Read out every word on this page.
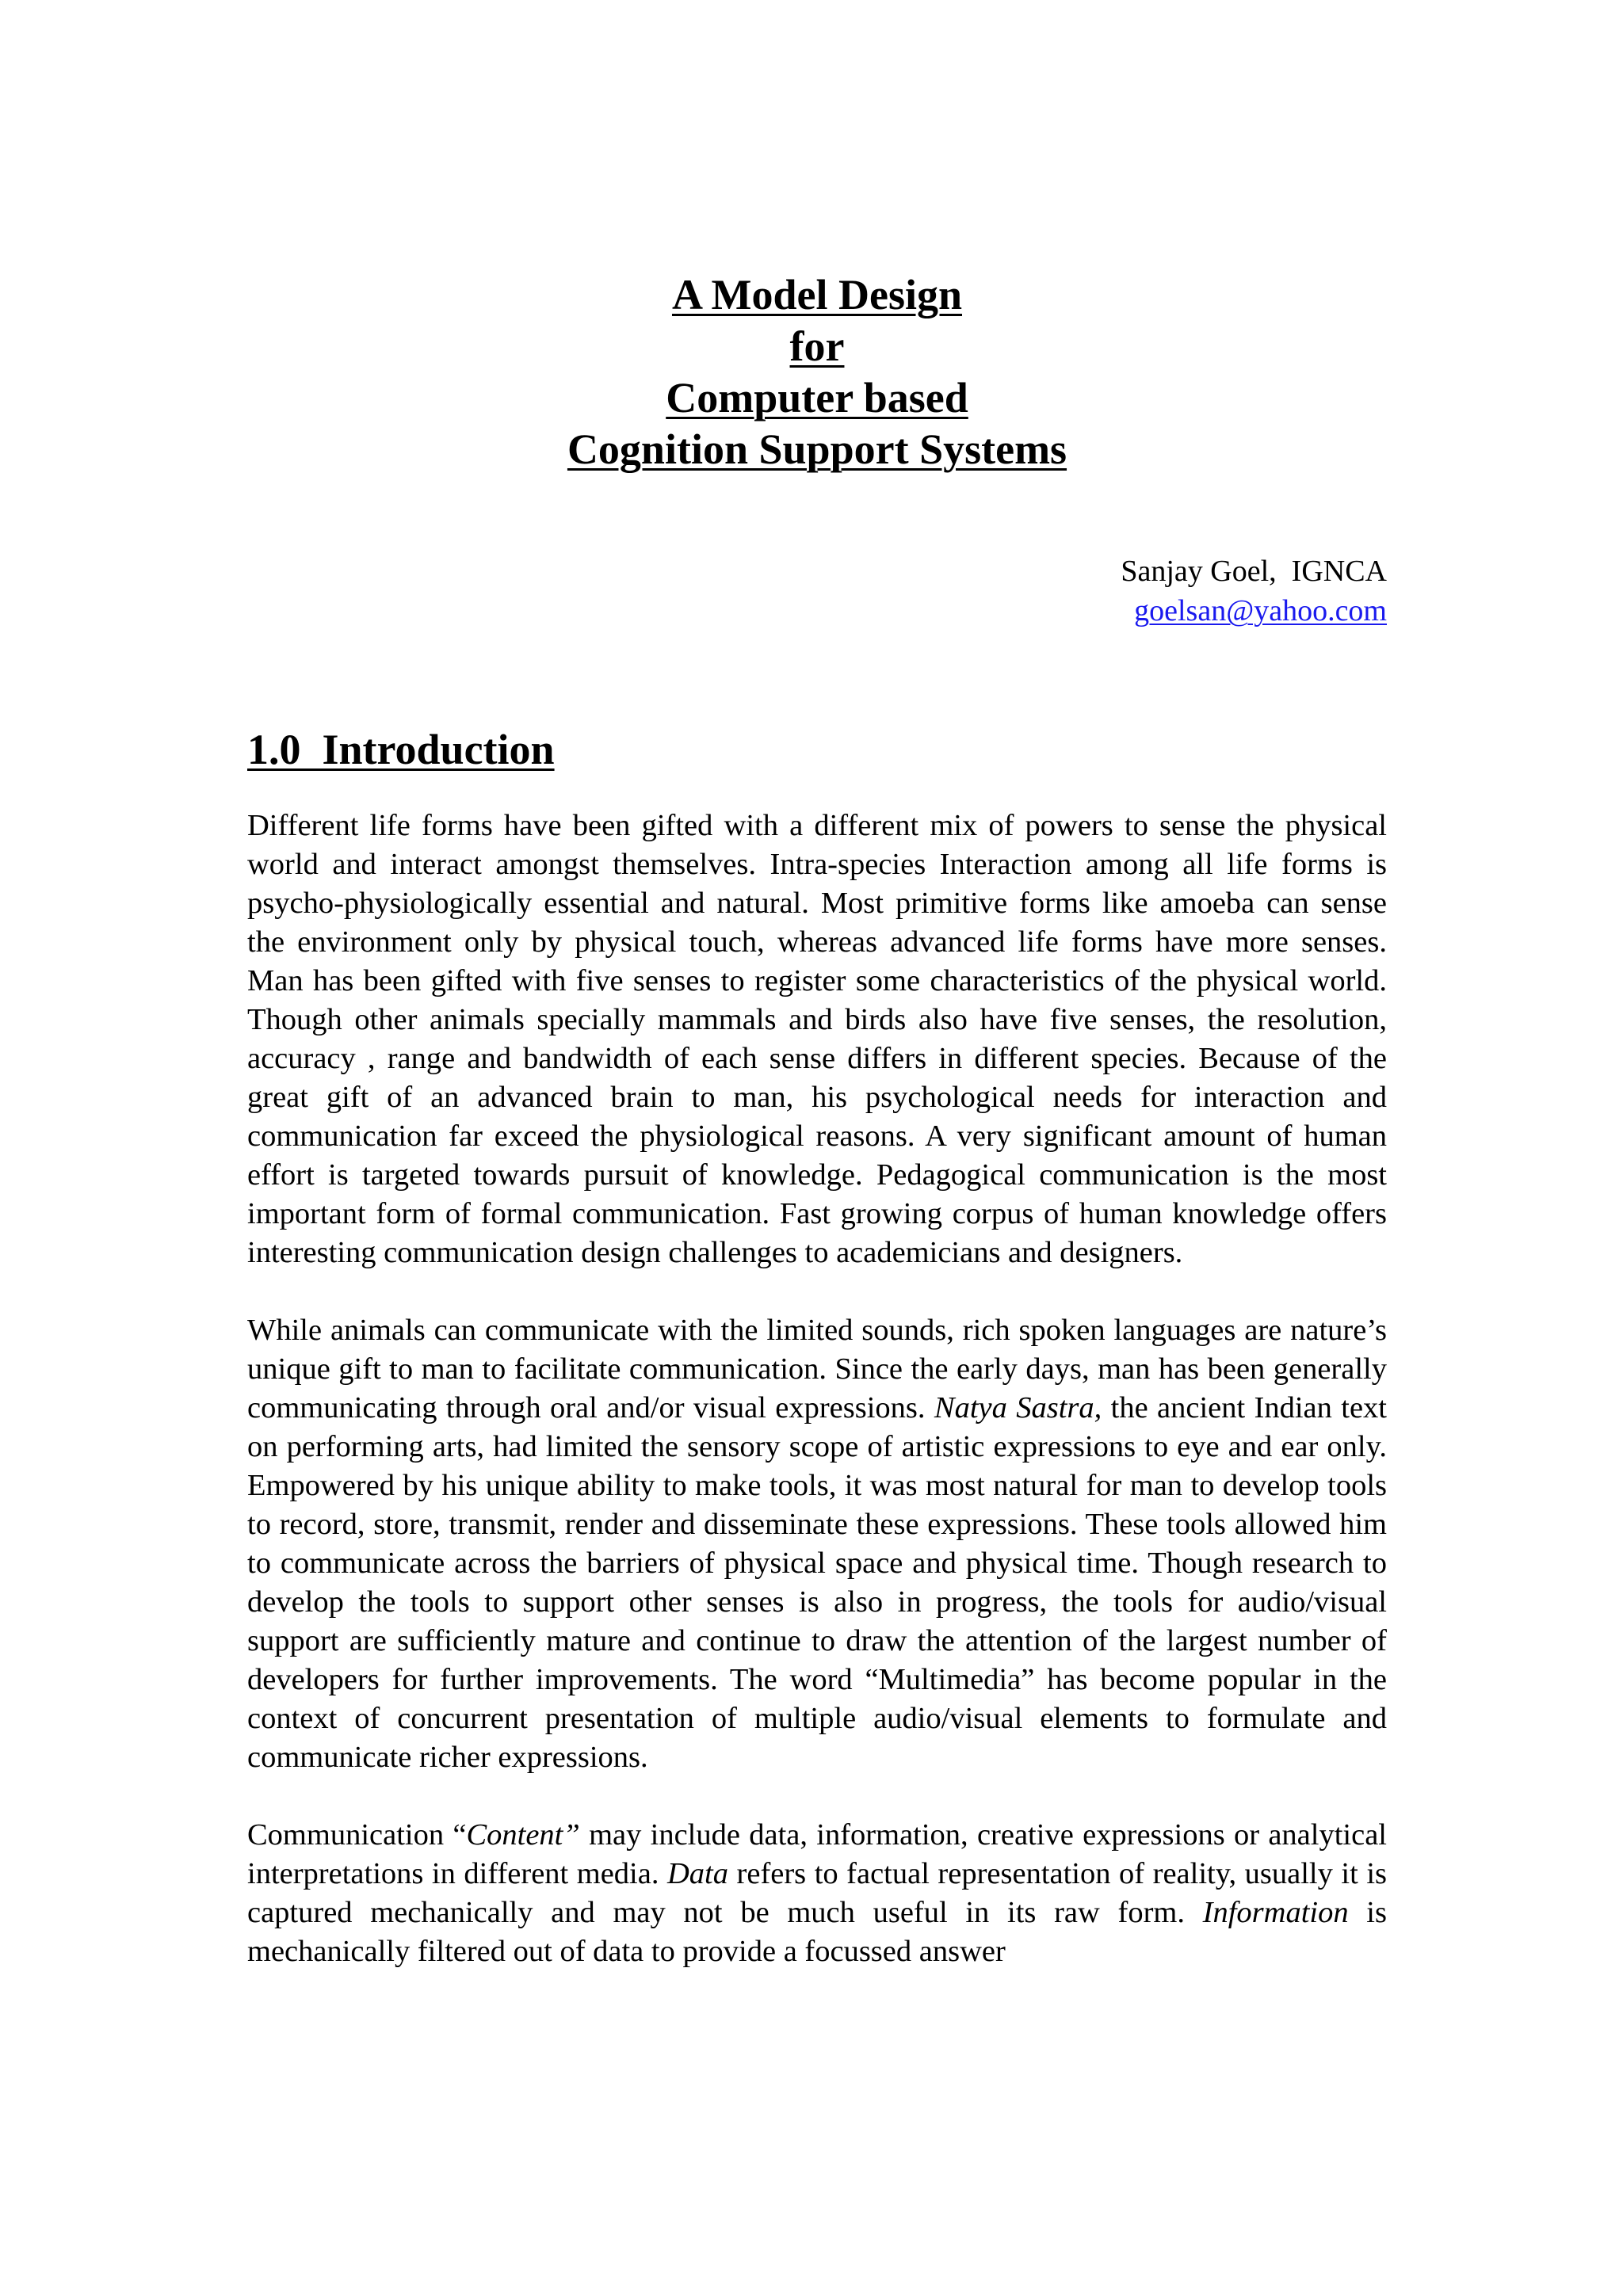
A Model Design
for
Computer based
Cognition Support Systems
Sanjay Goel,  IGNCA
goelsan@yahoo.com
1.0  Introduction

Different life forms have been gifted with a different mix of powers to sense the physical world and interact amongst themselves. Intra-species Interaction among all life forms is psycho-physiologically essential and natural. Most primitive forms like amoeba can sense the environment only by physical touch, whereas advanced life forms have more senses. Man has been gifted with five senses to register some characteristics of the physical world. Though other animals specially mammals and birds also have five senses, the resolution, accuracy , range and bandwidth of each sense differs in different species. Because of the great gift of an advanced brain to man, his psychological needs for interaction and communication far exceed the physiological reasons. A very significant amount of human effort is targeted towards pursuit of knowledge. Pedagogical communication is the most important form of formal communication. Fast growing corpus of human knowledge offers interesting communication design challenges to academicians and designers.

While animals can communicate with the limited sounds, rich spoken languages are nature’s unique gift to man to facilitate communication. Since the early days, man has been generally communicating through oral and/or visual expressions. Natya Sastra, the ancient Indian text on performing arts, had limited the sensory scope of artistic expressions to eye and ear only. Empowered by his unique ability to make tools, it was most natural for man to develop tools to record, store, transmit, render and disseminate these expressions. These tools allowed him to communicate across the barriers of physical space and physical time. Though research to develop the tools to support other senses is also in progress, the tools for audio/visual support are sufficiently mature and continue to draw the attention of the largest number of developers for further improvements. The word “Multimedia” has become popular in the context of concurrent presentation of multiple audio/visual elements to formulate and communicate richer expressions.

Communication “Content” may include data, information, creative expressions or analytical interpretations in different media. Data refers to factual representation of reality, usually it is captured mechanically and may not be much useful in its raw form. Information is mechanically filtered out of data to provide a focussed answer
